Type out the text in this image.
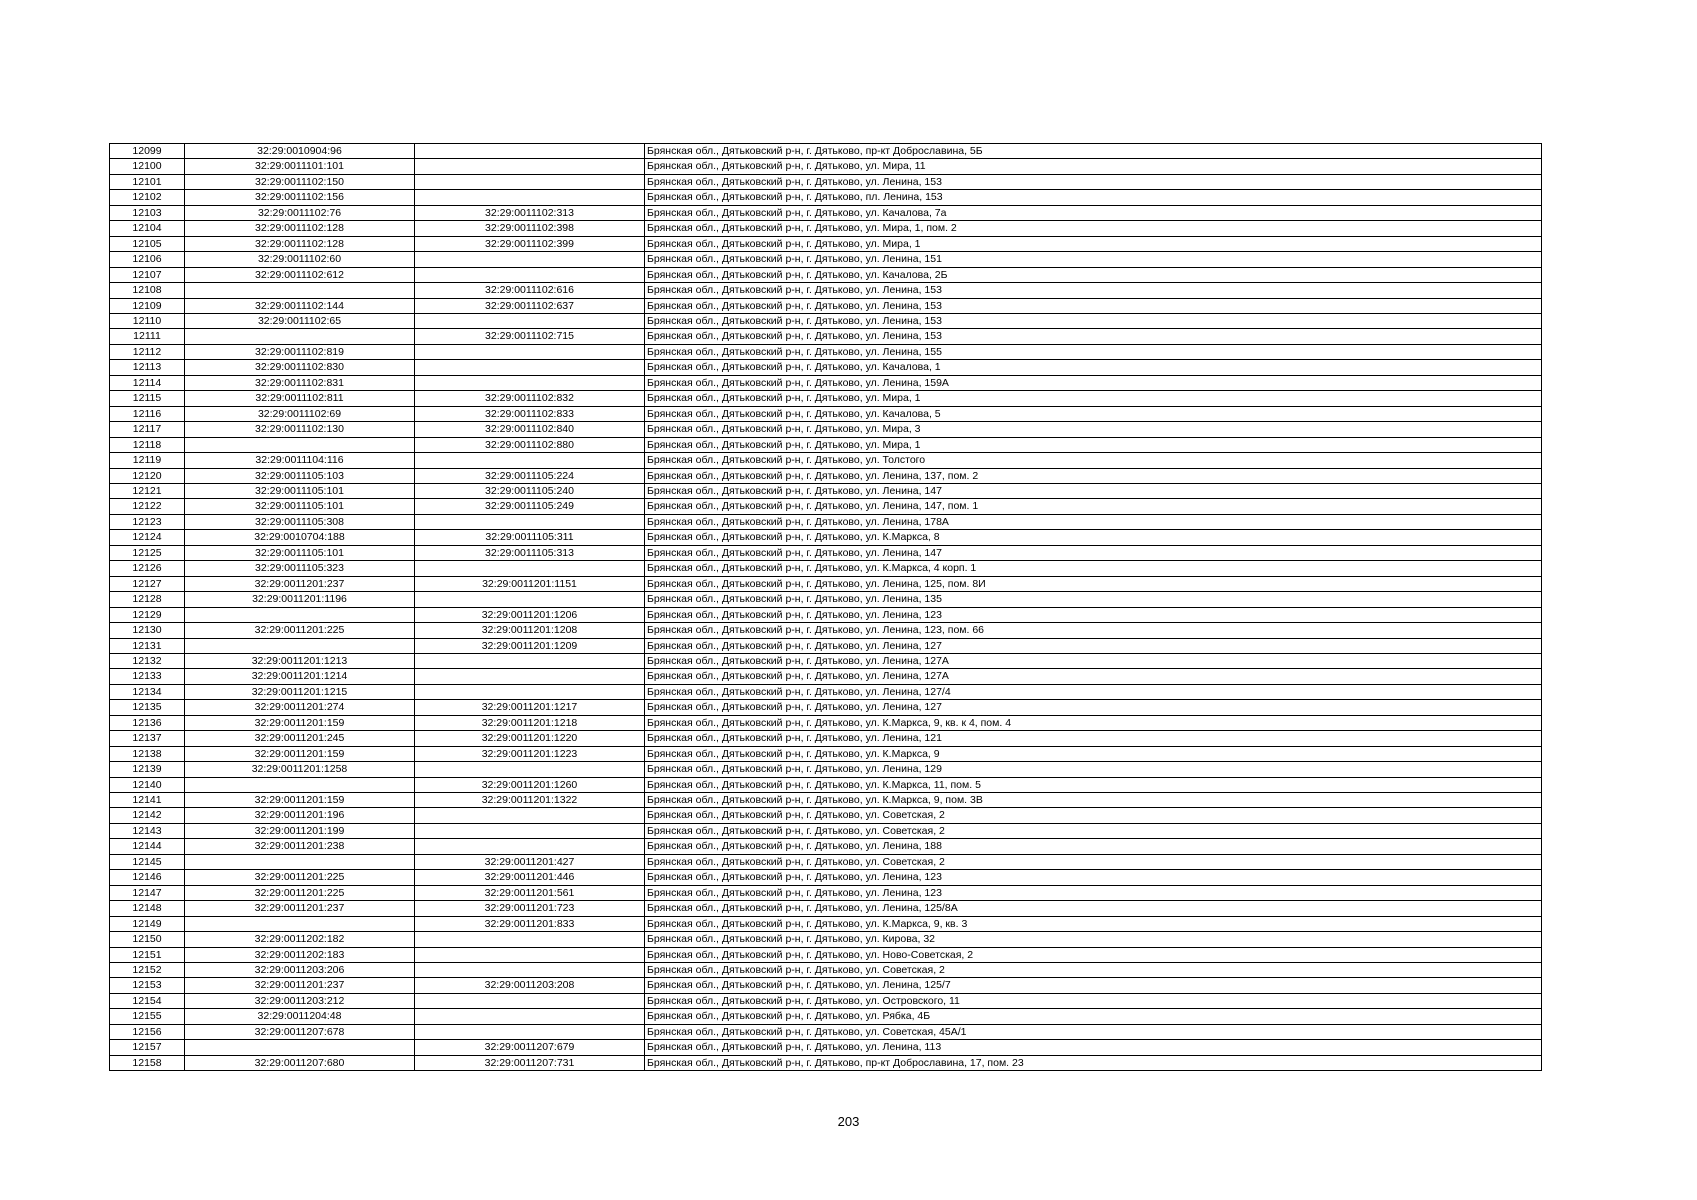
12099	32:29:0010904:96		Брянская обл., Дятьковский р-н, г. Дятьково, пр-кт Доброславина, 5Б
12100	32:29:0011101:101		Брянская обл., Дятьковский р-н, г. Дятьково, ул. Мира, 11
12101	32:29:0011102:150		Брянская обл., Дятьковский р-н, г. Дятьково, ул. Ленина, 153
12102	32:29:0011102:156		Брянская обл., Дятьковский р-н, г. Дятьково, пл. Ленина, 153
12103	32:29:0011102:76	32:29:0011102:313	Брянская обл., Дятьковский р-н, г. Дятьково, ул. Качалова, 7а
12104	32:29:0011102:128	32:29:0011102:398	Брянская обл., Дятьковский р-н, г. Дятьково, ул. Мира, 1, пом. 2
12105	32:29:0011102:128	32:29:0011102:399	Брянская обл., Дятьковский р-н, г. Дятьково, ул. Мира, 1
12106	32:29:0011102:60		Брянская обл., Дятьковский р-н, г. Дятьково, ул. Ленина, 151
12107	32:29:0011102:612		Брянская обл., Дятьковский р-н, г. Дятьково, ул. Качалова, 2Б
12108		32:29:0011102:616	Брянская обл., Дятьковский р-н, г. Дятьково, ул. Ленина, 153
12109	32:29:0011102:144	32:29:0011102:637	Брянская обл., Дятьковский р-н, г. Дятьково, ул. Ленина, 153
12110	32:29:0011102:65		Брянская обл., Дятьковский р-н, г. Дятьково, ул. Ленина, 153
12111		32:29:0011102:715	Брянская обл., Дятьковский р-н, г. Дятьково, ул. Ленина, 153
12112	32:29:0011102:819		Брянская обл., Дятьковский р-н, г. Дятьково, ул. Ленина, 155
12113	32:29:0011102:830		Брянская обл., Дятьковский р-н, г. Дятьково, ул. Качалова, 1
12114	32:29:0011102:831		Брянская обл., Дятьковский р-н, г. Дятьково, ул. Ленина, 159А
12115	32:29:0011102:811	32:29:0011102:832	Брянская обл., Дятьковский р-н, г. Дятьково, ул. Мира, 1
12116	32:29:0011102:69	32:29:0011102:833	Брянская обл., Дятьковский р-н, г. Дятьково, ул. Качалова, 5
12117	32:29:0011102:130	32:29:0011102:840	Брянская обл., Дятьковский р-н, г. Дятьково, ул. Мира, 3
12118		32:29:0011102:880	Брянская обл., Дятьковский р-н, г. Дятьково, ул. Мира, 1
12119	32:29:0011104:116		Брянская обл., Дятьковский р-н, г. Дятьково, ул. Толстого
12120	32:29:0011105:103	32:29:0011105:224	Брянская обл., Дятьковский р-н, г. Дятьково, ул. Ленина, 137, пом. 2
12121	32:29:0011105:101	32:29:0011105:240	Брянская обл., Дятьковский р-н, г. Дятьково, ул. Ленина, 147
12122	32:29:0011105:101	32:29:0011105:249	Брянская обл., Дятьковский р-н, г. Дятьково, ул. Ленина, 147, пом. 1
12123	32:29:0011105:308		Брянская обл., Дятьковский р-н, г. Дятьково, ул. Ленина, 178А
12124	32:29:0010704:188	32:29:0011105:311	Брянская обл., Дятьковский р-н, г. Дятьково, ул. К.Маркса, 8
12125	32:29:0011105:101	32:29:0011105:313	Брянская обл., Дятьковский р-н, г. Дятьково, ул. Ленина, 147
12126	32:29:0011105:323		Брянская обл., Дятьковский р-н, г. Дятьково, ул. К.Маркса, 4 корп. 1
12127	32:29:0011201:237	32:29:0011201:1151	Брянская обл., Дятьковский р-н, г. Дятьково, ул. Ленина, 125, пом. 8И
12128	32:29:0011201:1196		Брянская обл., Дятьковский р-н, г. Дятьково, ул. Ленина, 135
12129		32:29:0011201:1206	Брянская обл., Дятьковский р-н, г. Дятьково, ул. Ленина, 123
12130	32:29:0011201:225	32:29:0011201:1208	Брянская обл., Дятьковский р-н, г. Дятьково, ул. Ленина, 123, пом. 66
12131		32:29:0011201:1209	Брянская обл., Дятьковский р-н, г. Дятьково, ул. Ленина, 127
12132	32:29:0011201:1213		Брянская обл., Дятьковский р-н, г. Дятьково, ул. Ленина, 127А
12133	32:29:0011201:1214		Брянская обл., Дятьковский р-н, г. Дятьково, ул. Ленина, 127А
12134	32:29:0011201:1215		Брянская обл., Дятьковский р-н, г. Дятьково, ул. Ленина, 127/4
12135	32:29:0011201:274	32:29:0011201:1217	Брянская обл., Дятьковский р-н, г. Дятьково, ул. Ленина, 127
12136	32:29:0011201:159	32:29:0011201:1218	Брянская обл., Дятьковский р-н, г. Дятьково, ул. К.Маркса, 9, кв. к 4, пом. 4
12137	32:29:0011201:245	32:29:0011201:1220	Брянская обл., Дятьковский р-н, г. Дятьково, ул. Ленина, 121
12138	32:29:0011201:159	32:29:0011201:1223	Брянская обл., Дятьковский р-н, г. Дятьково, ул. К.Маркса, 9
12139	32:29:0011201:1258		Брянская обл., Дятьковский р-н, г. Дятьково, ул. Ленина, 129
12140		32:29:0011201:1260	Брянская обл., Дятьковский р-н, г. Дятьково, ул. К.Маркса, 11, пом. 5
12141	32:29:0011201:159	32:29:0011201:1322	Брянская обл., Дятьковский р-н, г. Дятьково, ул. К.Маркса, 9, пом. 3В
12142	32:29:0011201:196		Брянская обл., Дятьковский р-н, г. Дятьково, ул. Советская, 2
12143	32:29:0011201:199		Брянская обл., Дятьковский р-н, г. Дятьково, ул. Советская, 2
12144	32:29:0011201:238		Брянская обл., Дятьковский р-н, г. Дятьково, ул. Ленина, 188
12145		32:29:0011201:427	Брянская обл., Дятьковский р-н, г. Дятьково, ул. Советская, 2
12146	32:29:0011201:225	32:29:0011201:446	Брянская обл., Дятьковский р-н, г. Дятьково, ул. Ленина, 123
12147	32:29:0011201:225	32:29:0011201:561	Брянская обл., Дятьковский р-н, г. Дятьково, ул. Ленина, 123
12148	32:29:0011201:237	32:29:0011201:723	Брянская обл., Дятьковский р-н, г. Дятьково, ул. Ленина, 125/8А
12149		32:29:0011201:833	Брянская обл., Дятьковский р-н, г. Дятьково, ул. К.Маркса, 9, кв. 3
12150	32:29:0011202:182		Брянская обл., Дятьковский р-н, г. Дятьково, ул. Кирова, 32
12151	32:29:0011202:183		Брянская обл., Дятьковский р-н, г. Дятьково, ул. Ново-Советская, 2
12152	32:29:0011203:206		Брянская обл., Дятьковский р-н, г. Дятьково, ул. Советская, 2
12153	32:29:0011201:237	32:29:0011203:208	Брянская обл., Дятьковский р-н, г. Дятьково, ул. Ленина, 125/7
12154	32:29:0011203:212		Брянская обл., Дятьковский р-н, г. Дятьково, ул. Островского, 11
12155	32:29:0011204:48		Брянская обл., Дятьковский р-н, г. Дятьково, ул. Рябка, 4Б
12156	32:29:0011207:678		Брянская обл., Дятьковский р-н, г. Дятьково, ул. Советская, 45А/1
12157		32:29:0011207:679	Брянская обл., Дятьковский р-н, г. Дятьково, ул. Ленина, 113
12158	32:29:0011207:680	32:29:0011207:731	Брянская обл., Дятьковский р-н, г. Дятьково, пр-кт Доброславина, 17, пом. 23
203
